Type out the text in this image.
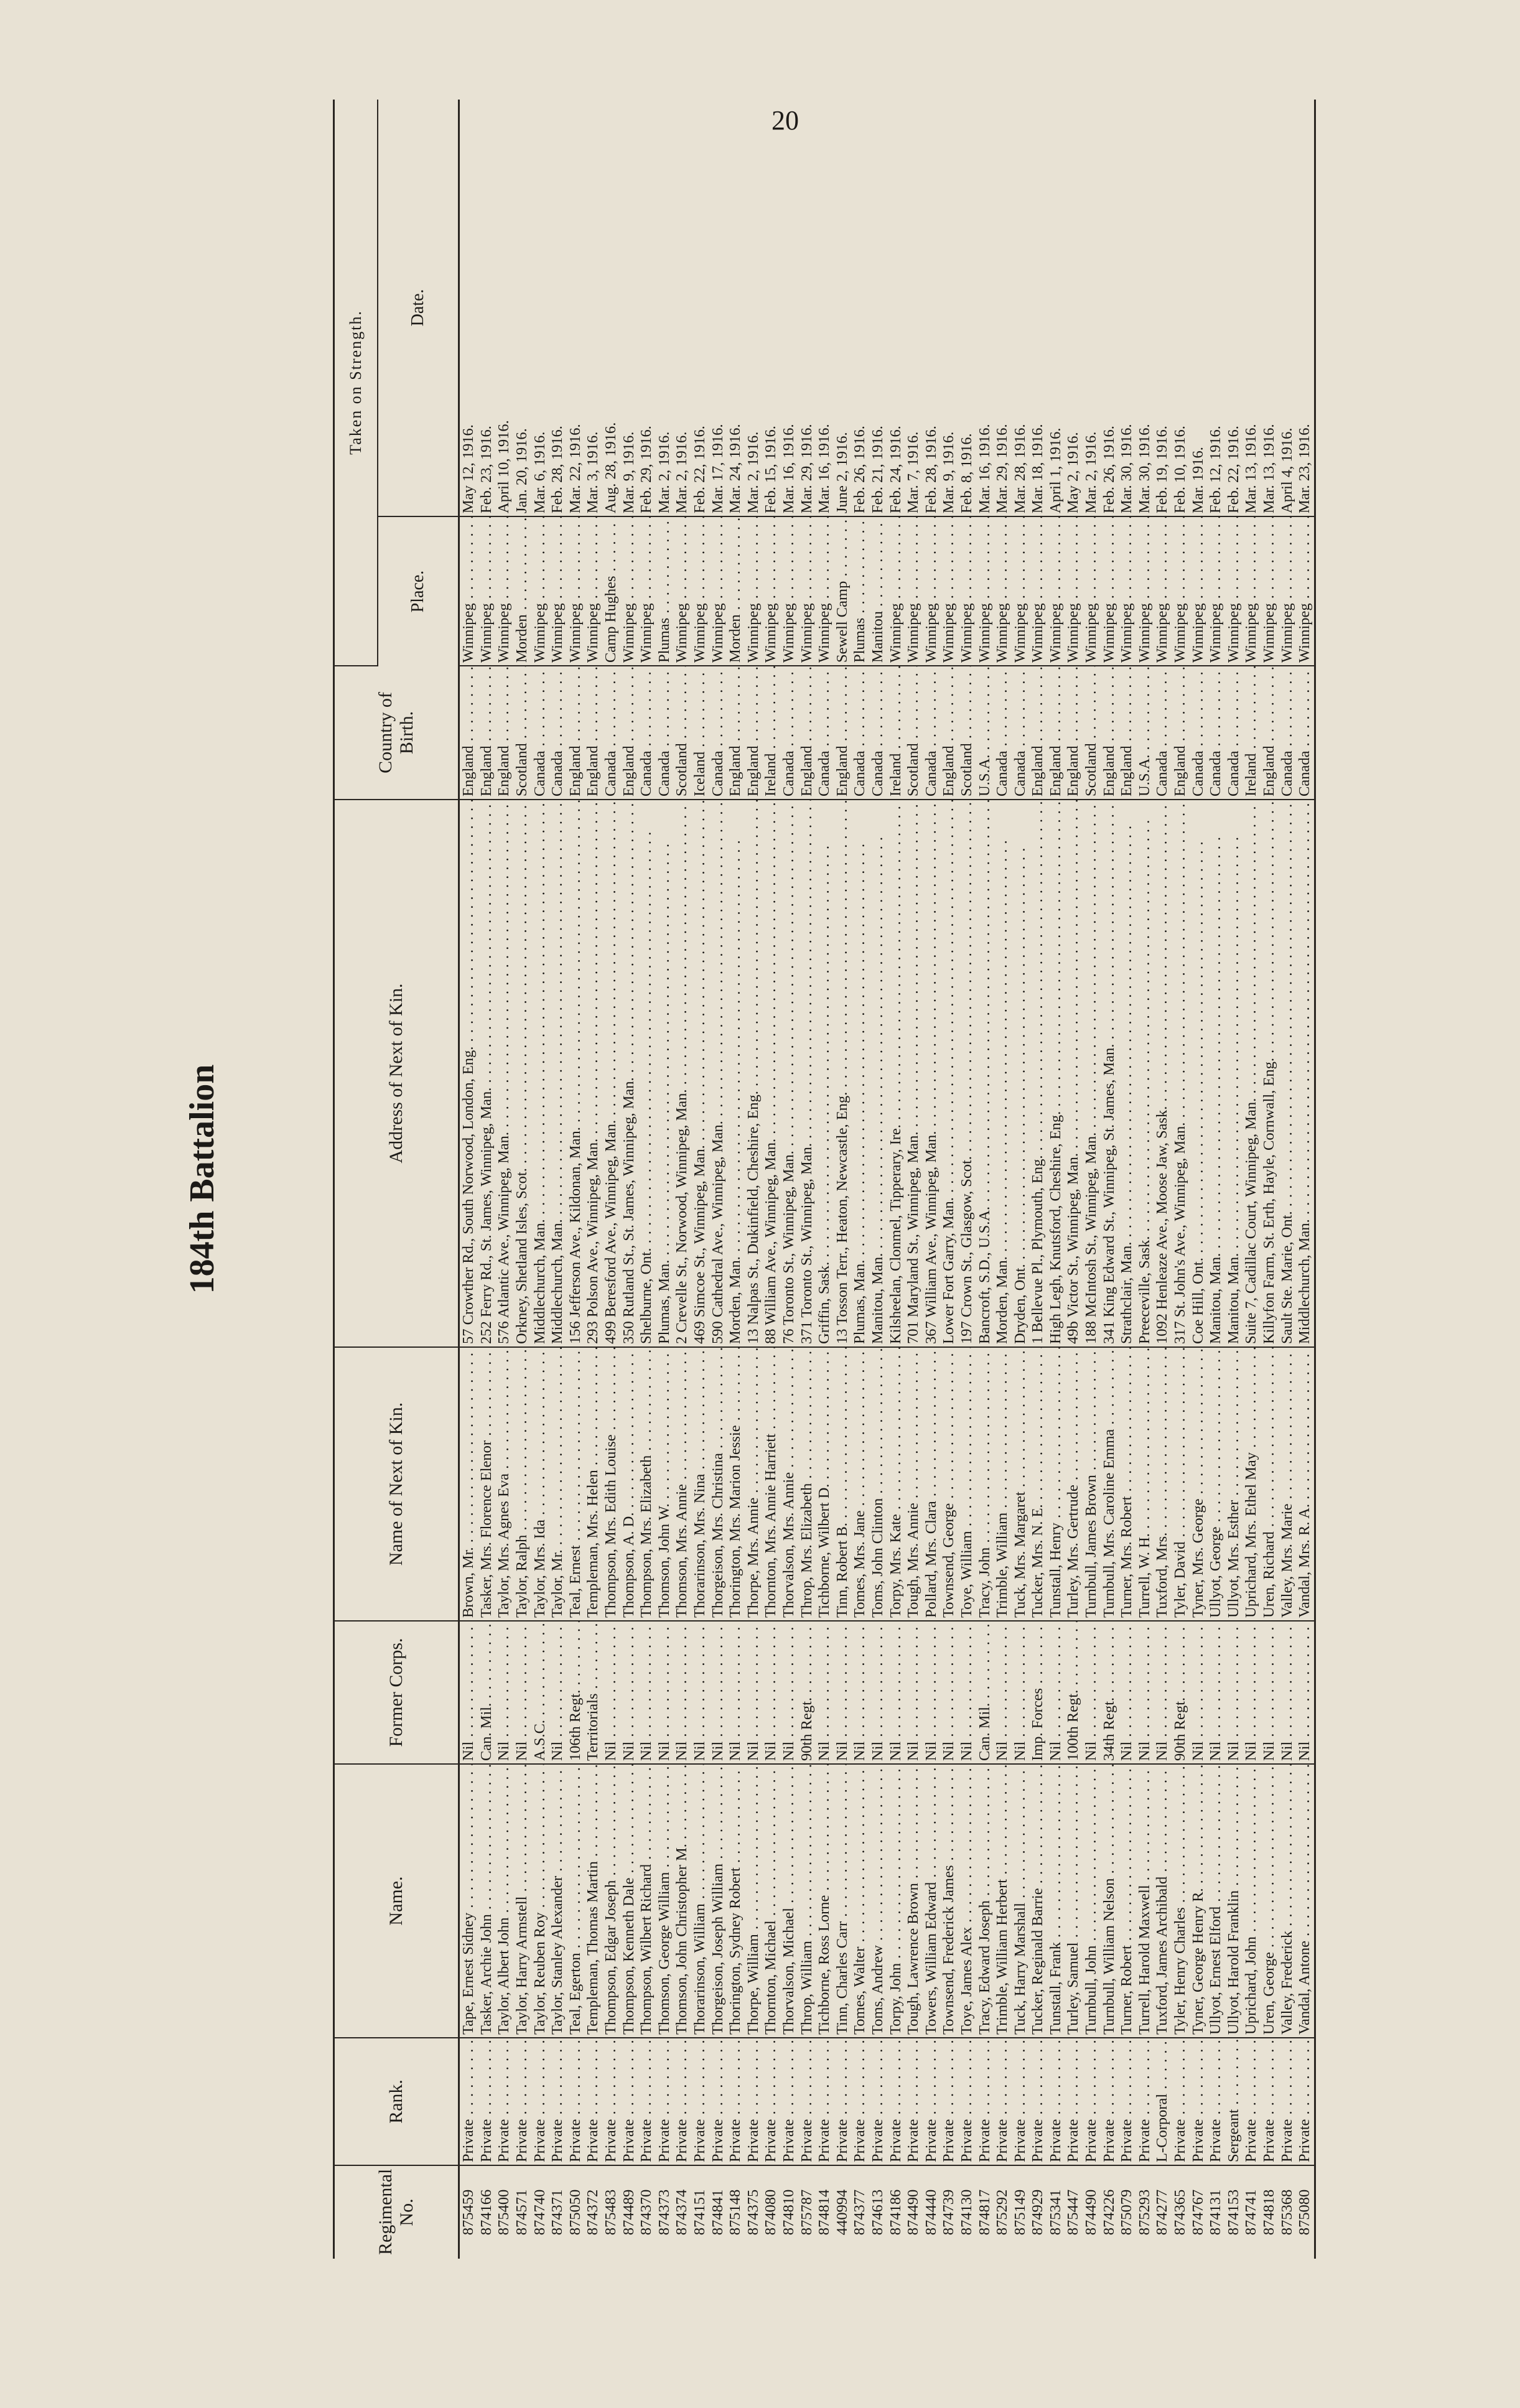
20
184th Battalion
Regimental No.	Rank.	Name.	Former Corps.	Name of Next of Kin.	Address of Next of Kin.	Country of Birth.	Taken on Strength.	
							Place.	Date.
875459	Private . . .	Tape, Ernest Sidney . . .	Nil . . .	Brown, Mr. . . .	57 Crowther Rd., South Norwood, London, Eng. . . .	England . . .	Winnipeg . . .	May 12, 1916.
874166	Private . . .	Tasker, Archie John . . .	Can. Mil. . . .	Tasker, Mrs. Florence Elenor . . .	252 Ferry Rd., St. James, Winnipeg, Man. . . .	England . . .	Winnipeg . . .	Feb. 23, 1916.
875400	Private . . .	Taylor, Albert John . . .	Nil . . .	Taylor, Mrs. Agnes Eva . . .	576 Atlantic Ave., Winnipeg, Man. . . .	England . . .	Winnipeg . . .	April 10, 1916.
874571	Private . . .	Taylor, Harry Armstell . . .	Nil . . .	Taylor, Ralph . . .	Orkney, Shetland Isles, Scot. . . .	Scotland . . .	Morden . . .	Jan. 20, 1916.
874740	Private . . .	Taylor, Reuben Roy . . .	A.S.C. . . .	Taylor, Mrs. Ida . . .	Middlechurch, Man. . . .	Canada . . .	Winnipeg . . .	Mar. 6, 1916.
874371	Private . . .	Taylor, Stanley Alexander . . .	Nil . . .	Taylor, Mr. . . .	Middlechurch, Man. . . .	Canada . . .	Winnipeg . . .	Feb. 28, 1916.
875050	Private . . .	Teal, Egerton . . .	106th Regt. . . .	Teal, Ernest . . .	156 Jefferson Ave., Kildonan, Man. . . .	England . . .	Winnipeg . . .	Mar. 22, 1916.
874372	Private . . .	Templeman, Thomas Martin . . .	Territorials . . .	Templeman, Mrs. Helen . . .	293 Polson Ave., Winnipeg, Man. . . .	England . . .	Winnipeg . . .	Mar. 3, 1916.
875483	Private . . .	Thompson, Edgar Joseph . . .	Nil . . .	Thompson, Mrs. Edith Louise . . .	499 Beresford Ave., Winnipeg, Man. . . .	Canada . . .	Camp Hughes . . .	Aug. 28, 1916.
874489	Private . . .	Thompson, Kenneth Dale . . .	Nil . . .	Thompson, A. D. . . .	350 Rutland St., St. James, Winnipeg, Man. . . .	England . . .	Winnipeg . . .	Mar. 9, 1916.
874370	Private . . .	Thompson, Wilbert Richard . . .	Nil . . .	Thompson, Mrs. Elizabeth . . .	Shelburne, Ont. . . .	Canada . . .	Winnipeg . . .	Feb. 29, 1916.
874373	Private . . .	Thomson, George William . . .	Nil . . .	Thomson, John W. . . .	Plumas, Man. . . .	Canada . . .	Plumas . . .	Mar. 2, 1916.
874374	Private . . .	Thomson, John Christopher M. . . .	Nil . . .	Thomson, Mrs. Annie . . .	2 Crevelle St., Norwood, Winnipeg, Man. . . .	Scotland . . .	Winnipeg . . .	Mar. 2, 1916.
874151	Private . . .	Thorarinson, William . . .	Nil . . .	Thorarinson, Mrs. Nina . . .	469 Simcoe St., Winnipeg, Man. . . .	Iceland . . .	Winnipeg . . .	Feb. 22, 1916.
874841	Private . . .	Thorgeison, Joseph William . . .	Nil . . .	Thorgeison, Mrs. Christina . . .	590 Cathedral Ave., Winnipeg, Man. . . .	Canada . . .	Winnipeg . . .	Mar. 17, 1916.
875148	Private . . .	Thorington, Sydney Robert . . .	Nil . . .	Thorington, Mrs. Marion Jessie . . .	Morden, Man. . . .	England . . .	Morden . . .	Mar. 24, 1916.
874375	Private . . .	Thorpe, William . . .	Nil . . .	Thorpe, Mrs. Annie . . .	13 Nalpas St., Dukinfield, Cheshire, Eng. . . .	England . . .	Winnipeg . . .	Mar. 2, 1916.
874080	Private . . .	Thornton, Michael . . .	Nil . . .	Thornton, Mrs. Annie Harriett . . .	88 William Ave., Winnipeg, Man. . . .	Ireland . . .	Winnipeg . . .	Feb. 15, 1916.
874810	Private . . .	Thorvalson, Michael . . .	Nil . . .	Thorvalson, Mrs. Annie . . .	76 Toronto St., Winnipeg, Man. . . .	Canada . . .	Winnipeg . . .	Mar. 16, 1916.
875787	Private . . .	Throp, William . . .	90th Regt. . . .	Throp, Mrs. Elizabeth . . .	371 Toronto St., Winnipeg, Man. . . .	England . . .	Winnipeg . . .	Mar. 29, 1916.
874814	Private . . .	Tichborne, Ross Lorne . . .	Nil . . .	Tichborne, Wilbert D. . . .	Griffin, Sask. . . .	Canada . . .	Winnipeg . . .	Mar. 16, 1916.
440994	Private . . .	Tinn, Charles Carr . . .	Nil . . .	Tinn, Robert B. . . .	13 Tosson Terr., Heaton, Newcastle, Eng. . . .	England . . .	Sewell Camp . . .	June 2, 1916.
874377	Private . . .	Tomes, Walter . . .	Nil . . .	Tomes, Mrs. Jane . . .	Plumas, Man. . . .	Canada . . .	Plumas . . .	Feb. 26, 1916.
874613	Private . . .	Toms, Andrew . . .	Nil . . .	Toms, John Clinton . . .	Manitou, Man. . . .	Canada . . .	Manitou . . .	Feb. 21, 1916.
874186	Private . . .	Torpy, John . . .	Nil . . .	Torpy, Mrs. Kate . . .	Kilsheelan, Clonmel, Tipperary, Ire. . . .	Ireland . . .	Winnipeg . . .	Feb. 24, 1916.
874490	Private . . .	Tough, Lawrence Brown . . .	Nil . . .	Tough, Mrs. Annie . . .	701 Maryland St., Winnipeg, Man. . . .	Scotland . . .	Winnipeg . . .	Mar. 7, 1916.
874440	Private . . .	Towers, William Edward . . .	Nil . . .	Pollard, Mrs. Clara . . .	367 William Ave., Winnipeg, Man. . . .	Canada . . .	Winnipeg . . .	Feb. 28, 1916.
874739	Private . . .	Townsend, Frederick James . . .	Nil . . .	Townsend, George . . .	Lower Fort Garry, Man. . . .	England . . .	Winnipeg . . .	Mar. 9, 1916.
874130	Private . . .	Toye, James Alex . . .	Nil . . .	Toye, William . . .	197 Crown St., Glasgow, Scot. . . .	Scotland . . .	Winnipeg . . .	Feb. 8, 1916.
874817	Private . . .	Tracy, Edward Joseph . . .	Can. Mil. . . .	Tracy, John . . .	Bancroft, S.D., U.S.A. . . .	U.S.A. . . .	Winnipeg . . .	Mar. 16, 1916.
875292	Private . . .	Trimble, William Herbert . . .	Nil . . .	Trimble, William . . .	Morden, Man. . . .	Canada . . .	Winnipeg . . .	Mar. 29, 1916.
875149	Private . . .	Tuck, Harry Marshall . . .	Nil . . .	Tuck, Mrs. Margaret . . .	Dryden, Ont. . . .	Canada . . .	Winnipeg . . .	Mar. 28, 1916.
874929	Private . . .	Tucker, Reginald Barrie . . .	Imp. Forces . . .	Tucker, Mrs. N. E. . . .	1 Bellevue Pl., Plymouth, Eng. . . .	England . . .	Winnipeg . . .	Mar. 18, 1916.
875341	Private . . .	Tunstall, Frank . . .	Nil . . .	Tunstall, Henry . . .	High Legh, Knutsford, Cheshire, Eng. . . .	England . . .	Winnipeg . . .	April 1, 1916.
875447	Private . . .	Turley, Samuel . . .	100th Regt. . . .	Turley, Mrs. Gertrude . . .	49b Victor St., Winnipeg, Man. . . .	England . . .	Winnipeg . . .	May 2, 1916.
874490	Private . . .	Turnbull, John . . .	Nil . . .	Turnbull, James Brown . . .	188 McIntosh St., Winnipeg, Man. . . .	Scotland . . .	Winnipeg . . .	Mar. 2, 1916.
874226	Private . . .	Turnbull, William Nelson . . .	34th Regt. . . .	Turnbull, Mrs. Caroline Emma . . .	341 King Edward St., Winnipeg, St. James, Man. . . .	England . . .	Winnipeg . . .	Feb. 26, 1916.
875079	Private . . .	Turner, Robert . . .	Nil . . .	Turner, Mrs. Robert . . .	Strathclair, Man. . . .	England . . .	Winnipeg . . .	Mar. 30, 1916.
875293	Private . . .	Turrell, Harold Maxwell . . .	Nil . . .	Turrell, W. H. . . .	Preeceville, Sask. . . .	U.S.A. . . .	Winnipeg . . .	Mar. 30, 1916.
874277	L-Corporal . . .	Tuxford, James Archibald . . .	Nil . . .	Tuxford, Mrs. . . .	1092 Henleaze Ave., Moose Jaw, Sask. . . .	Canada . . .	Winnipeg . . .	Feb. 19, 1916.
874365	Private . . .	Tyler, Henry Charles . . .	90th Regt. . . .	Tyler, David . . .	317 St. John's Ave., Winnipeg, Man. . . .	England . . .	Winnipeg . . .	Feb. 10, 1916.
874767	Private . . .	Tyner, George Henry R. . . .	Nil . . .	Tyner, Mrs. George . . .	Coe Hill, Ont. . . .	Canada . . .	Winnipeg . . .	Mar. 1916.
874131	Private . . .	Ullyot, Ernest Elford . . .	Nil . . .	Ullyot, George . . .	Manitou, Man. . . .	Canada . . .	Winnipeg . . .	Feb. 12, 1916.
874153	Sergeant . . .	Ullyot, Harold Franklin . . .	Nil . . .	Ullyot, Mrs. Esther . . .	Manitou, Man. . . .	Canada . . .	Winnipeg . . .	Feb. 22, 1916.
874741	Private . . .	Uprichard, John . . .	Nil . . .	Uprichard, Mrs. Ethel May . . .	Suite 7, Cadillac Court, Winnipeg, Man. . . .	Ireland . . .	Winnipeg . . .	Mar. 13, 1916.
874818	Private . . .	Uren, George . . .	Nil . . .	Uren, Richard . . .	Killyfon Farm, St. Erth, Hayle, Cornwall, Eng. . . .	England . . .	Winnipeg . . .	Mar. 13, 1916.
875368	Private . . .	Valley, Frederick . . .	Nil . . .	Valley, Mrs. Marie . . .	Sault Ste. Marie, Ont. . . .	Canada . . .	Winnipeg . . .	April 4, 1916.
875080	Private . . .	Vandal, Antone . . .	Nil . . .	Vandal, Mrs. R. A. . . .	Middlechurch, Man. . . .	Canada . . .	Winnipeg . . .	Mar. 23, 1916.
